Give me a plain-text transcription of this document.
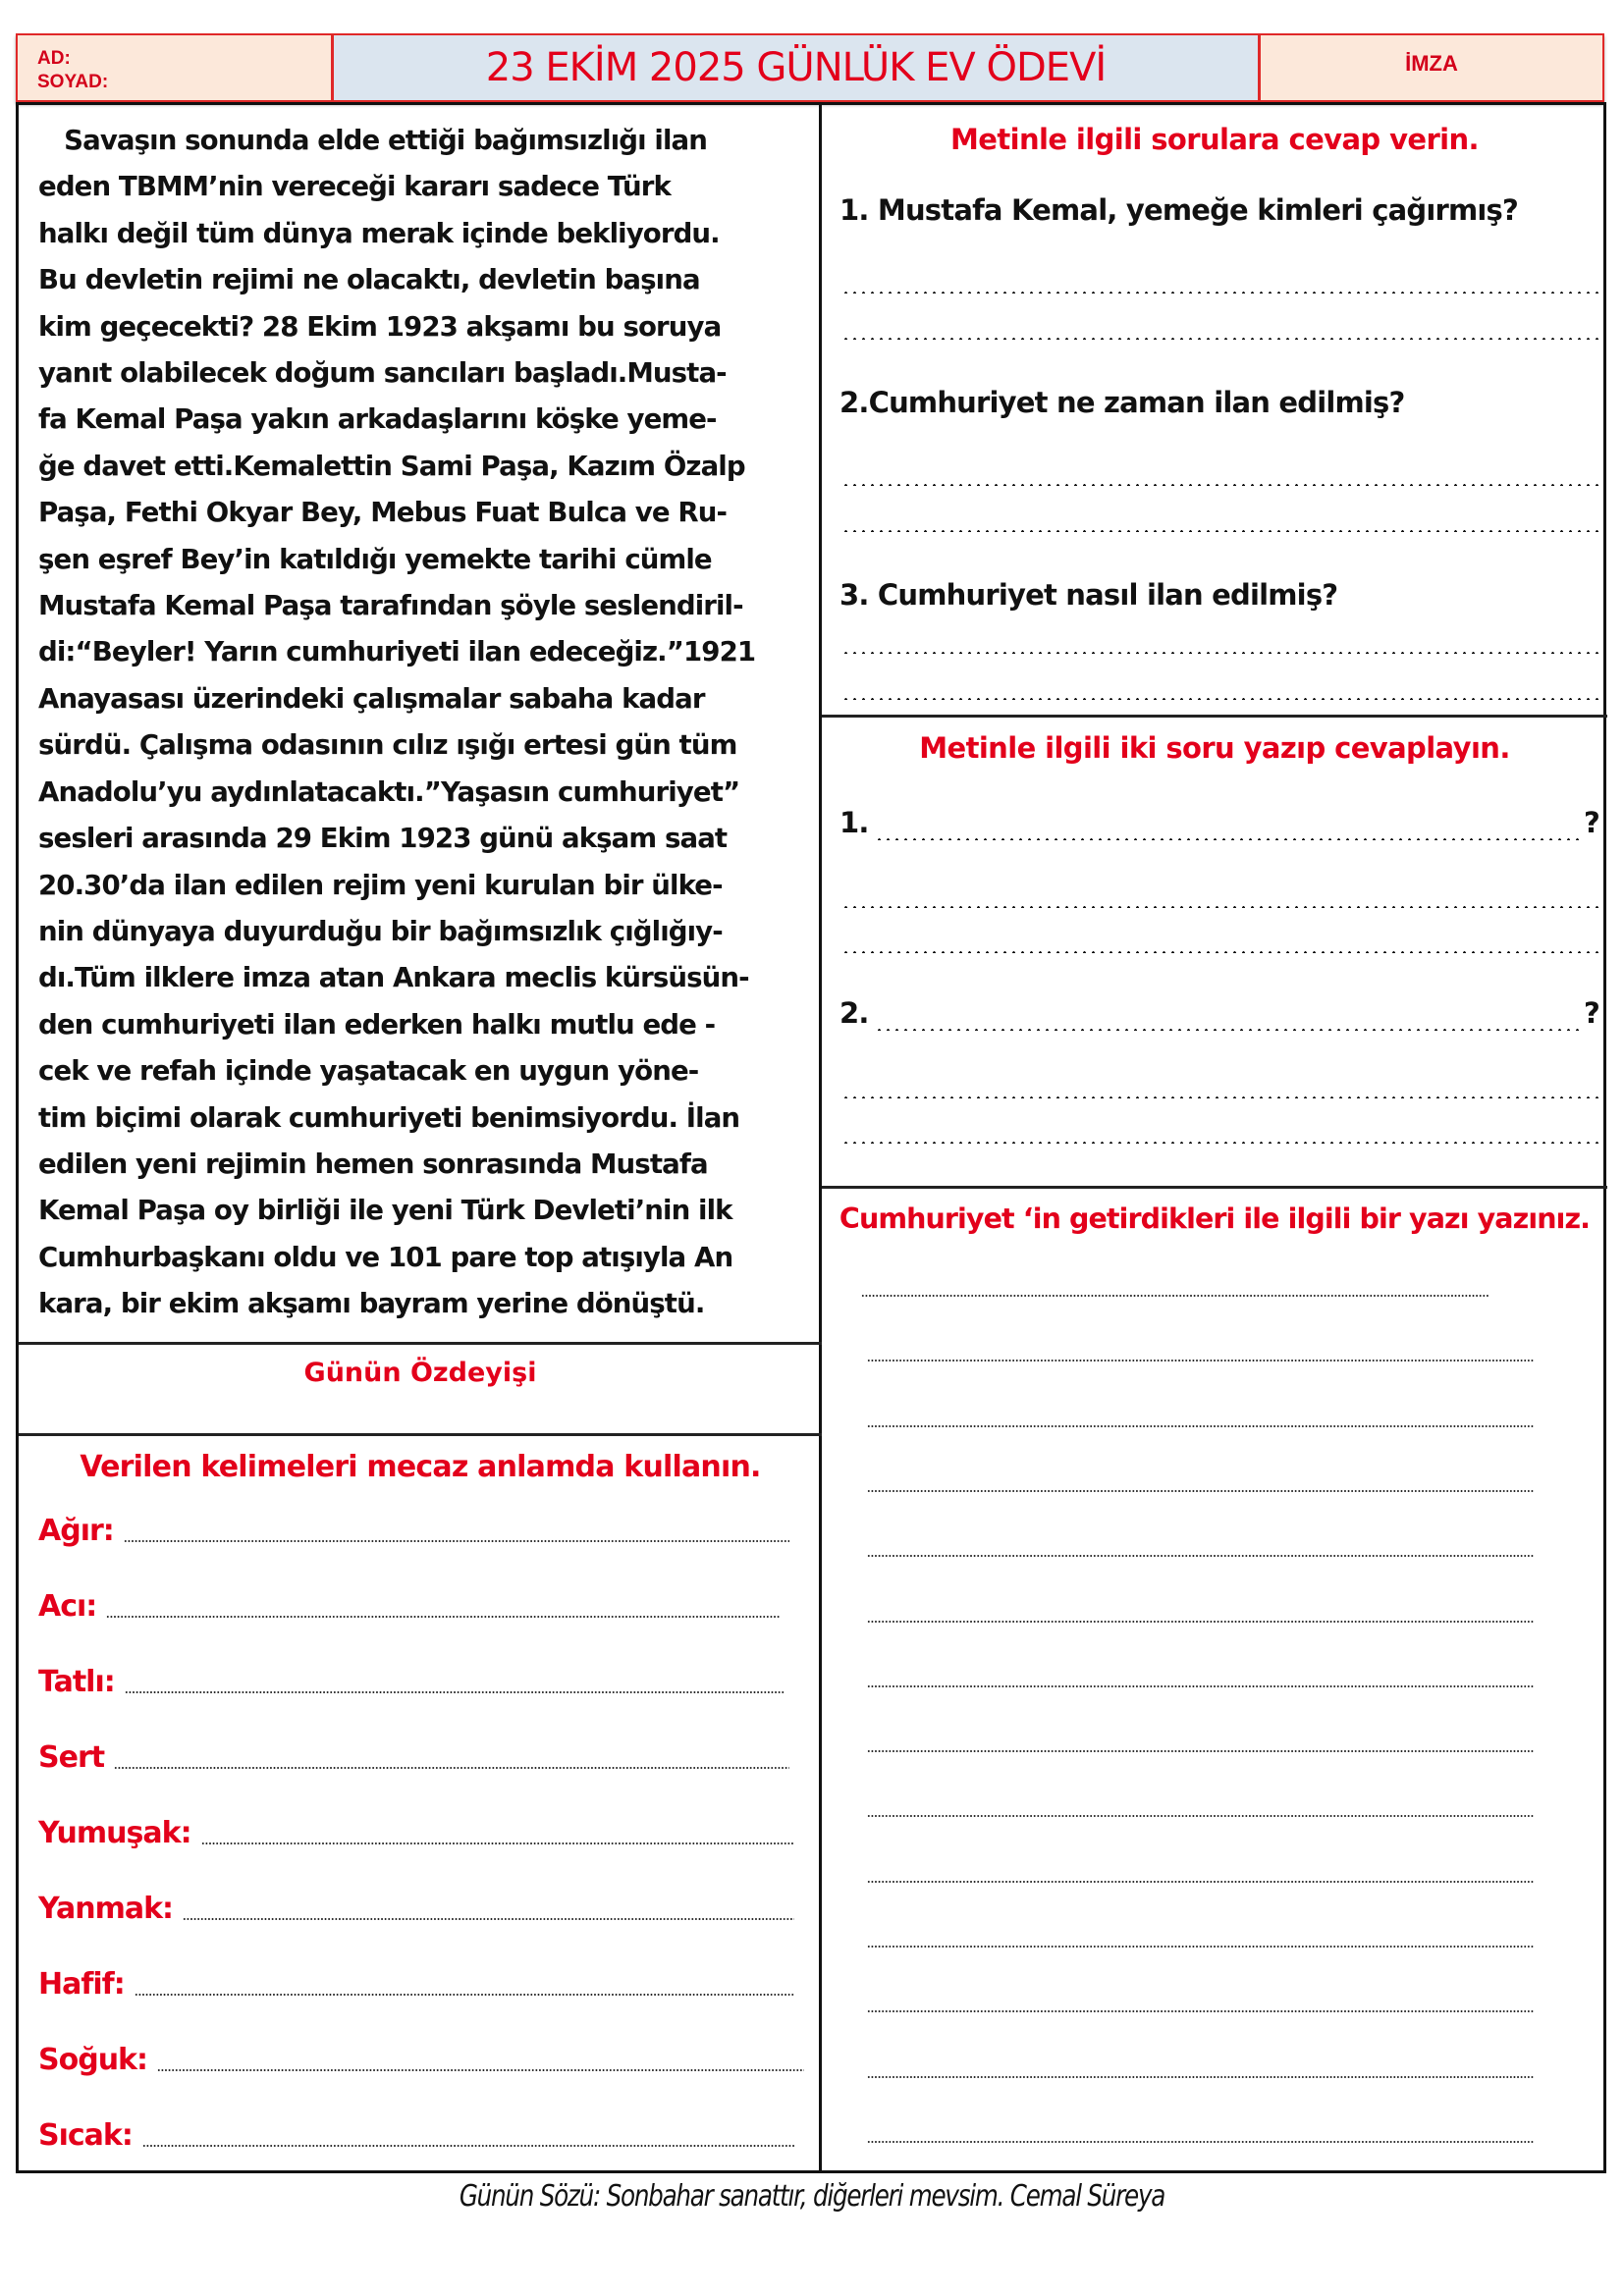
AD:
SOYAD:	23 EKİM 2025 GÜNLÜK EV ÖDEVİ	İMZA
Savaşın sonunda elde ettiği bağımsızlığı ilan
eden TBMM’nin vereceği kararı sadece Türk
halkı değil tüm dünya merak içinde bekliyordu.
Bu devletin rejimi ne olacaktı, devletin başına
kim geçecekti? 28 Ekim 1923 akşamı bu soruya
yanıt olabilecek doğum sancıları başladı.Musta-
fa Kemal Paşa yakın arkadaşlarını köşke yeme-
ğe davet etti.Kemalettin Sami Paşa, Kazım Özalp
Paşa, Fethi Okyar Bey, Mebus Fuat Bulca ve Ru-
şen eşref Bey’in katıldığı yemekte tarihi cümle
Mustafa Kemal Paşa tarafından şöyle seslendiril-
di:“Beyler! Yarın cumhuriyeti ilan edeceğiz.”1921
Anayasası üzerindeki çalışmalar sabaha kadar
sürdü. Çalışma odasının cılız ışığı ertesi gün tüm
Anadolu’yu aydınlatacaktı.”Yaşasın cumhuriyet”
sesleri arasında 29 Ekim 1923 günü akşam saat
20.30’da ilan edilen rejim yeni kurulan bir ülke-
nin dünyaya duyurduğu bir bağımsızlık çığlığıy-
dı.Tüm ilklere imza atan Ankara meclis kürsüsün-
den cumhuriyeti ilan ederken halkı mutlu ede -
cek ve refah içinde yaşatacak en uygun yöne-
tim biçimi olarak cumhuriyeti benimsiyordu. İlan
edilen yeni rejimin hemen sonrasında Mustafa
Kemal Paşa oy birliği ile yeni Türk Devleti’nin ilk
Cumhurbaşkanı oldu ve 101 pare top atışıyla An
kara, bir ekim akşamı bayram yerine dönüştü.
Günün Özdeyişi
Verilen kelimeleri mecaz anlamda kullanın.
Ağır:
Acı:
Tatlı:
Sert
Yumuşak:
Yanmak:
Hafif:
Soğuk:
Sıcak:
Metinle ilgili sorulara cevap verin.
1. Mustafa Kemal, yemeğe kimleri çağırmış?
2.Cumhuriyet ne zaman ilan edilmiş?
3. Cumhuriyet nasıl ilan edilmiş?
Metinle ilgili iki soru yazıp cevaplayın.
1.	?
2.	?
Cumhuriyet ‘in getirdikleri ile ilgili bir yazı yazınız.
Günün Sözü: Sonbahar sanattır, diğerleri mevsim. Cemal Süreya
